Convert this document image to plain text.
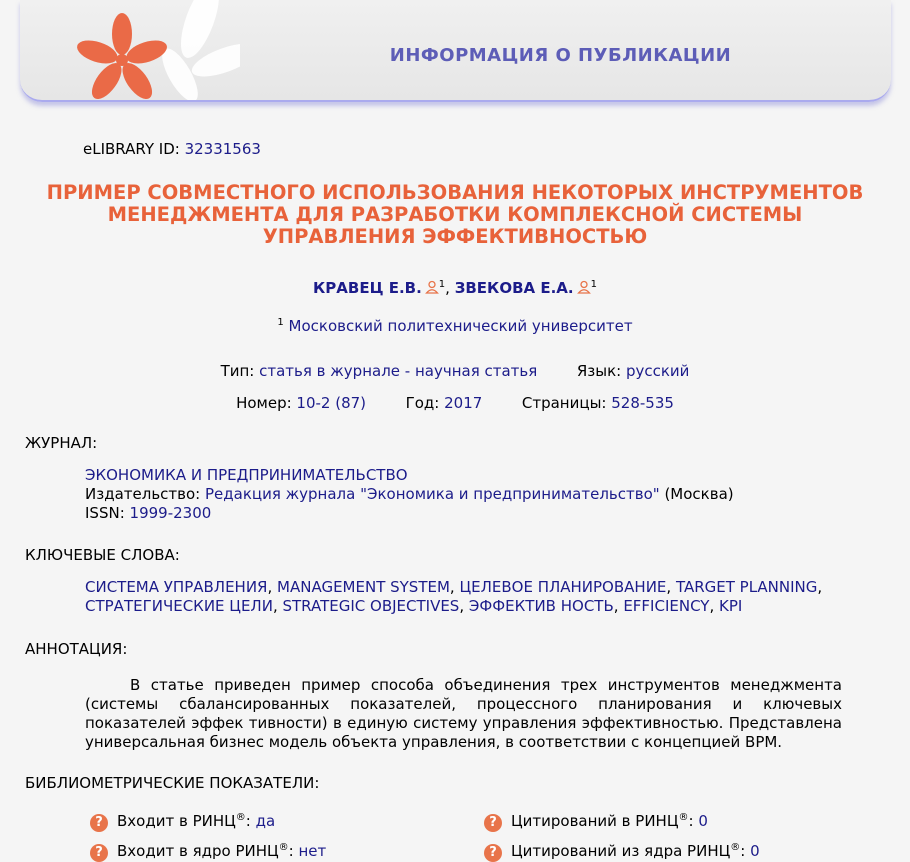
ИНФОРМАЦИЯ О ПУБЛИКАЦИИ
eLIBRARY ID: 32331563
ПРИМЕР СОВМЕСТНОГО ИСПОЛЬЗОВАНИЯ НЕКОТОРЫХ ИНСТРУМЕНТОВ МЕНЕДЖМЕНТА ДЛЯ РАЗРАБОТКИ КОМПЛЕКСНОЙ СИСТЕМЫ УПРАВЛЕНИЯ ЭФФЕКТИВНОСТЬЮ
КРАВЕЦ Е.В. $^1$, ЗВЕКОВА Е.А. $^1$
$^1$ Московский политехнический университет
Тип: статья в журнале - научная статья	Язык: русский
Номер: 10-2 (87)	Год: 2017	Страницы: 528-535
ЖУРНАЛ:
ЭКОНОМИКА И ПРЕДПРИНИМАТЕЛЬСТВО
Издательство: Редакция журнала "Экономика и предпринимательство" (Москва)
ISSN: 1999-2300
КЛЮЧЕВЫЕ СЛОВА:
СИСТЕМА УПРАВЛЕНИЯ, MANAGEMENT SYSTEM, ЦЕЛЕВОЕ ПЛАНИРОВАНИЕ, TARGET PLANNING,
СТРАТЕГИЧЕСКИЕ ЦЕЛИ, STRATEGIC OBJECTIVES, ЭФФЕКТИВ НОСТЬ, EFFICIENCY, KPI
АННОТАЦИЯ:
В статье приведен пример способа объединения трех инструментов менеджмента (системы сбалансированных показателей, процессного планирования и ключевых показателей эффек тивности) в единую систему управления эффективностью. Представлена универсальная бизнес модель объекта управления, в соответствии с концепцией BPM.
БИБЛИОМЕТРИЧЕСКИЕ ПОКАЗАТЕЛИ:
? Входит в РИНЦ®: да	? Цитирований в РИНЦ®: 0
? Входит в ядро РИНЦ®: нет	? Цитирований из ядра РИНЦ®: 0
